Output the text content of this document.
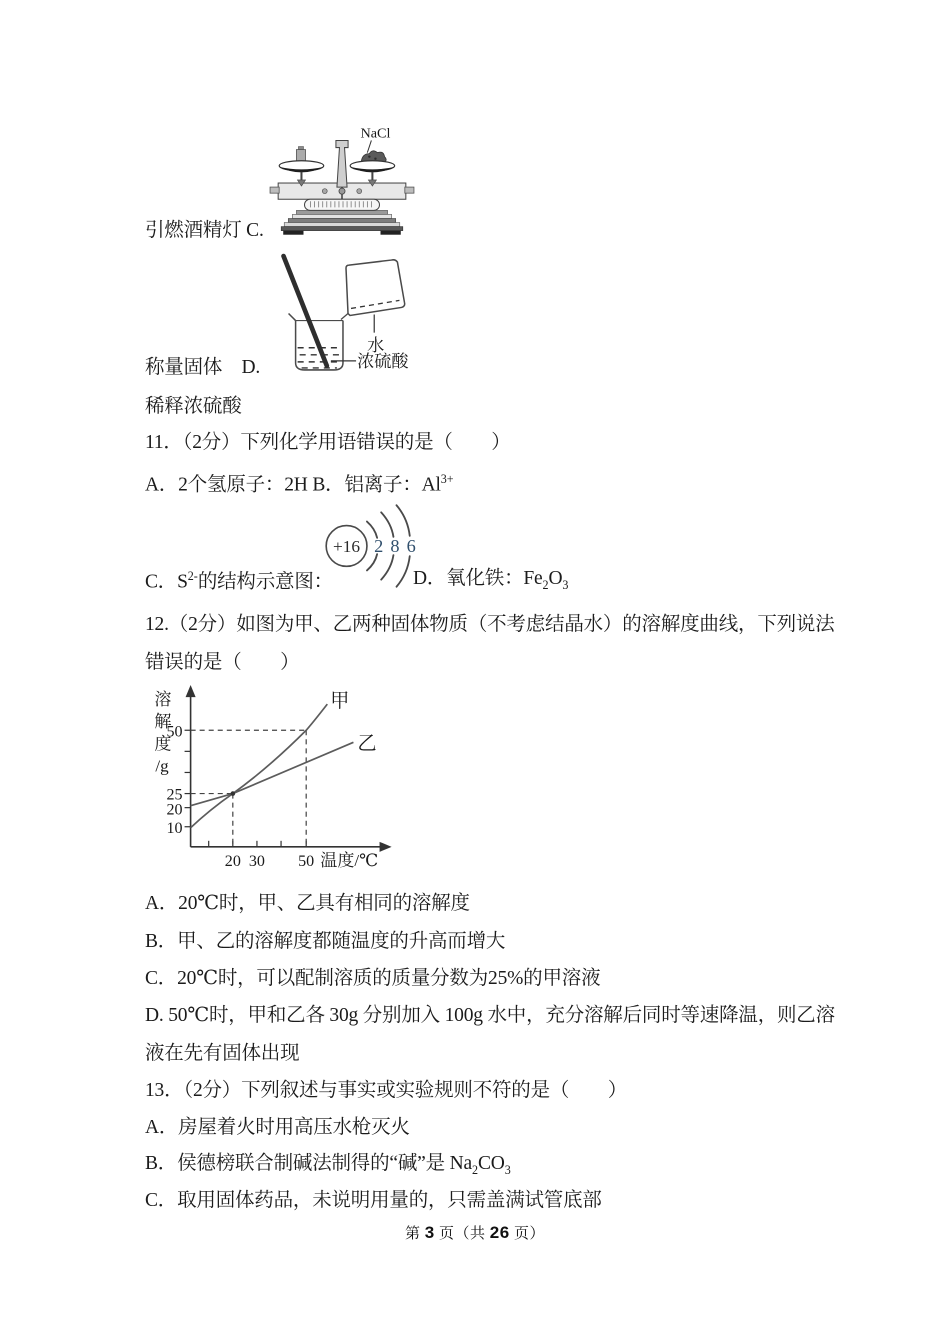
NaCl
引燃酒精灯 C.
水
浓硫酸
称量固体　D.
稀释浓硫酸
11．（2分）下列化学用语错误的是（　　）
A．2个氢原子：2H B．铝离子：$Al^{3+}$
+16 2 8 6
C．$S^{2-}$的结构示意图：	D．氧化铁：$Fe_2O_3$
12.（2分）如图为甲、乙两种固体物质（不考虑结晶水）的溶解度曲线，下列说法
错误的是（　　）
甲
乙
溶
解
度
/g
50
25
20
10
20 30 50 温度/℃
A．20℃时，甲、乙具有相同的溶解度
B．甲、乙的溶解度都随温度的升高而增大
C．20℃时，可以配制溶质的质量分数为25%的甲溶液
D. 50℃时，甲和乙各 30g 分别加入 100g 水中，充分溶解后同时等速降温，则乙溶
液在先有固体出现
13．（2分）下列叙述与事实或实验规则不符的是（　　）
A．房屋着火时用高压水枪灭火
B．侯德榜联合制碱法制得的“碱”是 $Na_2CO_3$
C．取用固体药品，未说明用量的，只需盖满试管底部
第 3 页（共 26 页）
